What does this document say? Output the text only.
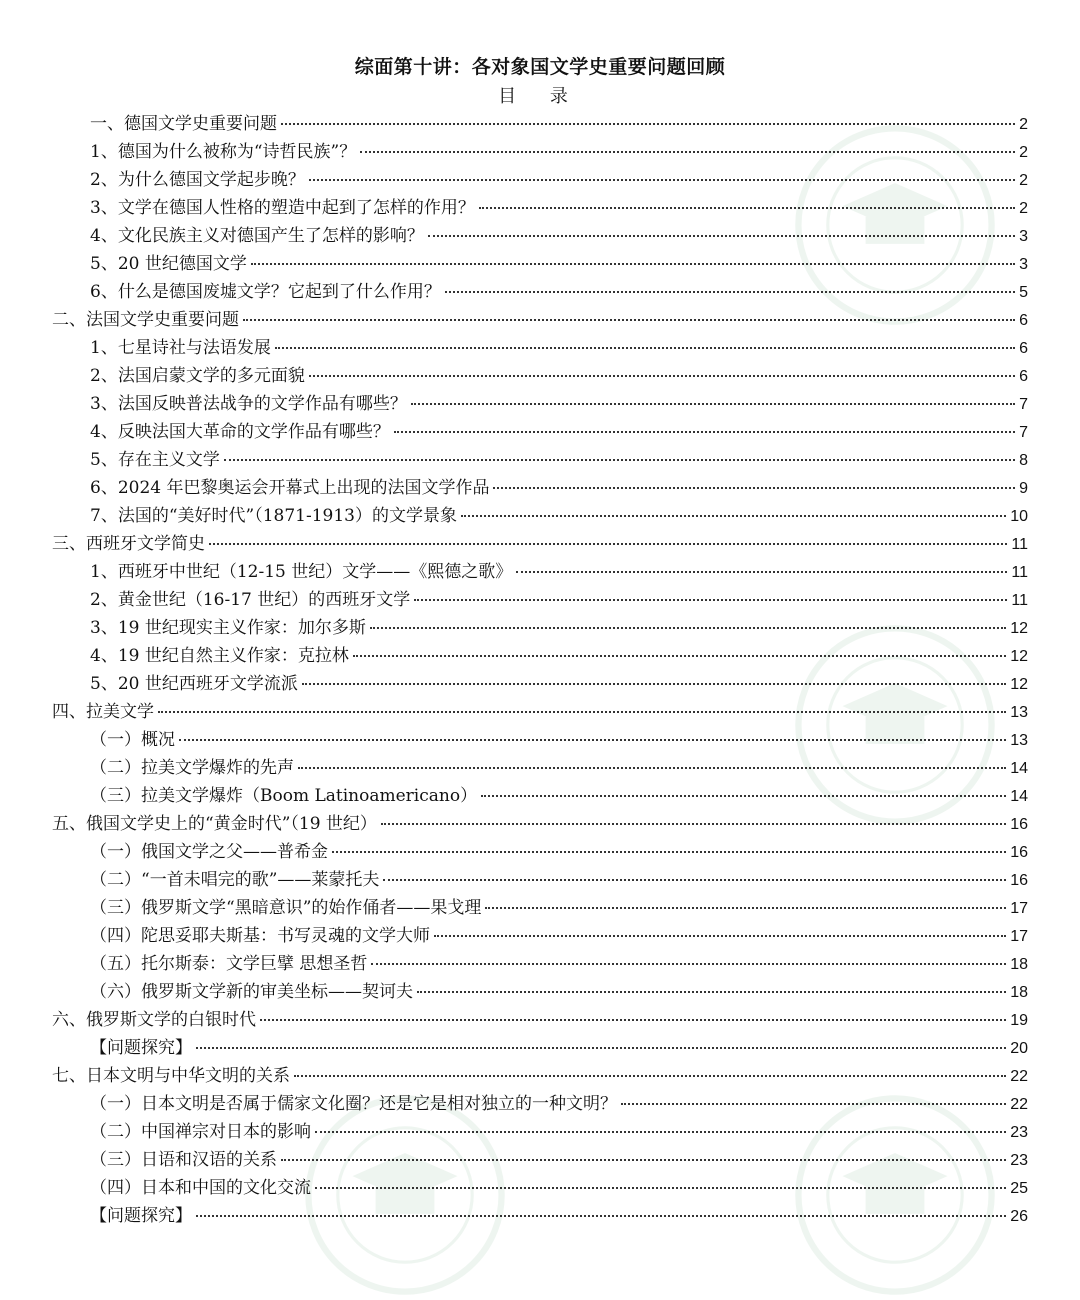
综面第十讲：各对象国文学史重要问题回顾
目 录
一、德国文学史重要问题	2
1、德国为什么被称为“诗哲民族”？	2
2、为什么德国文学起步晚？	2
3、文学在德国人性格的塑造中起到了怎样的作用？	2
4、文化民族主义对德国产生了怎样的影响？	3
5、20 世纪德国文学	3
6、什么是德国废墟文学？它起到了什么作用？	5
二、法国文学史重要问题	6
1、七星诗社与法语发展	6
2、法国启蒙文学的多元面貌	6
3、法国反映普法战争的文学作品有哪些？	7
4、反映法国大革命的文学作品有哪些？	7
5、存在主义文学	8
6、2024 年巴黎奥运会开幕式上出现的法国文学作品	9
7、法国的“美好时代”（1871-1913）的文学景象	10
三、西班牙文学简史	11
1、西班牙中世纪（12-15 世纪）文学——《熙德之歌》	11
2、黄金世纪（16-17 世纪）的西班牙文学	11
3、19 世纪现实主义作家：加尔多斯	12
4、19 世纪自然主义作家：克拉林	12
5、20 世纪西班牙文学流派	12
四、拉美文学	13
（一）概况	13
（二）拉美文学爆炸的先声	14
（三）拉美文学爆炸（Boom Latinoamericano）	14
五、俄国文学史上的“黄金时代”（19 世纪）	16
（一）俄国文学之父——普希金	16
（二）“一首未唱完的歌”——莱蒙托夫	16
（三）俄罗斯文学“黑暗意识”的始作俑者——果戈理	17
（四）陀思妥耶夫斯基：书写灵魂的文学大师	17
（五）托尔斯泰：文学巨擘 思想圣哲	18
（六）俄罗斯文学新的审美坐标——契诃夫	18
六、俄罗斯文学的白银时代	19
【问题探究】	20
七、日本文明与中华文明的关系	22
（一）日本文明是否属于儒家文化圈？还是它是相对独立的一种文明？	22
（二）中国禅宗对日本的影响	23
（三）日语和汉语的关系	23
（四）日本和中国的文化交流	25
【问题探究】	26
